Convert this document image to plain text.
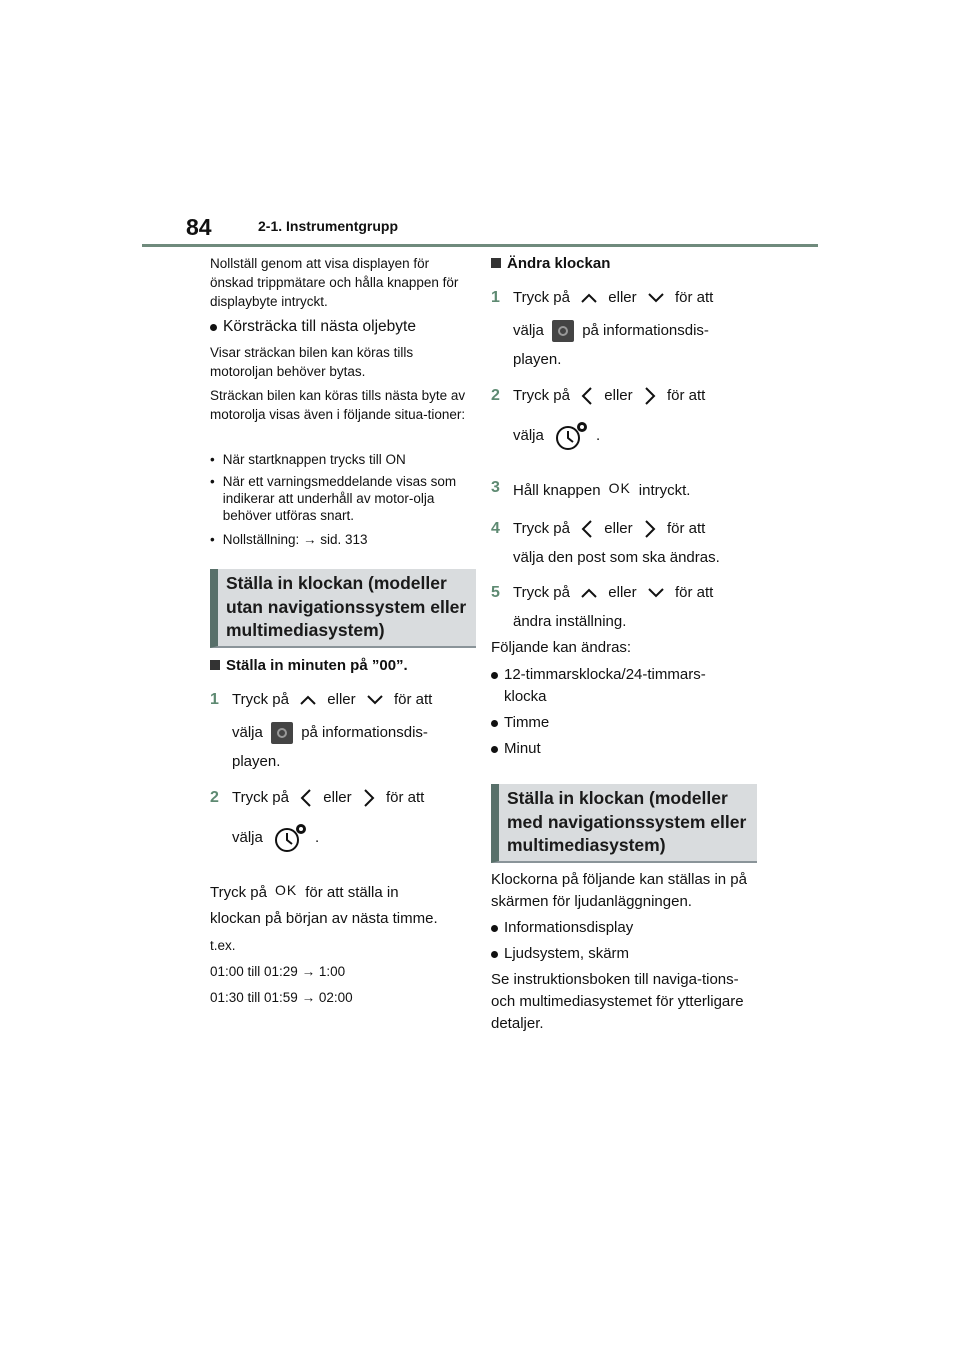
84	2-1. Instrumentgrupp

Nollställ genom att visa displayen för önskad trippmätare och hålla knappen för displaybyte intryckt.

Körsträcka till nästa oljebyte

Visar sträckan bilen kan köras tills motoroljan behöver bytas.

Sträckan bilen kan köras tills nästa byte av motorolja visas även i följande situa-tioner:

• När startknappen trycks till ON
• När ett varningsmeddelande visas som indikerar att underhåll av motor-olja behöver utföras snart.
• Nollställning: → sid. 313
Ställa in klockan (modeller utan navigationssystem eller multimediasystem)
Ställa in minuten på ”00”.
1 Tryck på	eller	för att
välja	på informationsdis-
playen.
2 Tryck på eller för att
välja	.
Tryck på OK för att ställa in
klockan på början av nästa timme.
t.ex.
01:00 till 01:29 → 1:00
01:30 till 01:59 → 02:00
Ändra klockan
1 Tryck på	eller	för att
välja	på informationsdis-
playen.
2 Tryck på eller för att
välja	.
3 Håll knappen OK intryckt.
4 Tryck på eller för att
välja den post som ska ändras.
5 Tryck på	eller	för att
ändra inställning.
Följande kan ändras:
12-timmarsklocka/24-timmars-klocka
Timme
Minut
Ställa in klockan (modeller med navigationssystem eller multimediasystem)

Klockorna på följande kan ställas in på skärmen för ljudanläggningen.

Informationsdisplay
Ljudsystem, skärm

Se instruktionsboken till naviga-tions- och multimediasystemet för ytterligare detaljer.
